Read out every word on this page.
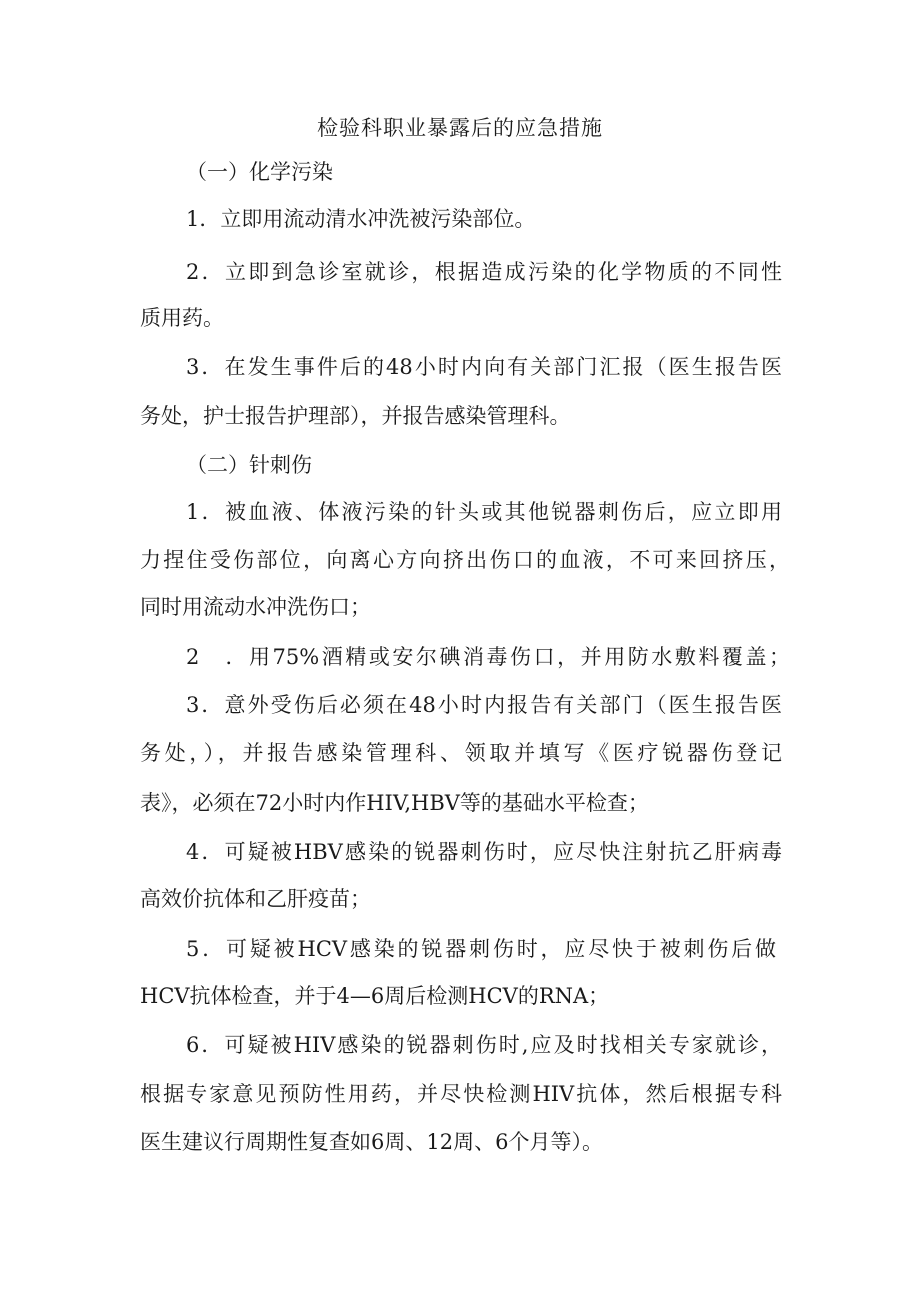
检验科职业暴露后的应急措施
（一）化学污染
1．立即用流动清水冲洗被污染部位。
2．立即到急诊室就诊，根据造成污染的化学物质的不同性
质用药。
3．在发生事件后的48小时内向有关部门汇报（医生报告医
务处，护士报告护理部），并报告感染管理科。
（二）针刺伤
1．被血液、体液污染的针头或其他锐器刺伤后，应立即用
力捏住受伤部位，向离心方向挤出伤口的血液，不可来回挤压，
同时用流动水冲洗伤口；
2　．用75%酒精或安尔碘消毒伤口，并用防水敷料覆盖；
3．意外受伤后必须在48小时内报告有关部门（医生报告医
务处，），并报告感染管理科、领取并填写《医疗锐器伤登记
表》，必须在72小时内作HIV,HBV等的基础水平检查；
4．可疑被HBV感染的锐器刺伤时，应尽快注射抗乙肝病毒
高效价抗体和乙肝疫苗；
5．可疑被HCV感染的锐器刺伤时，应尽快于被刺伤后做
HCV抗体检查，并于4—6周后检测HCV的RNA；
6．可疑被HIV感染的锐器刺伤时,应及时找相关专家就诊，
根据专家意见预防性用药，并尽快检测HIV抗体，然后根据专科
医生建议行周期性复查如6周、12周、6个月等）。
